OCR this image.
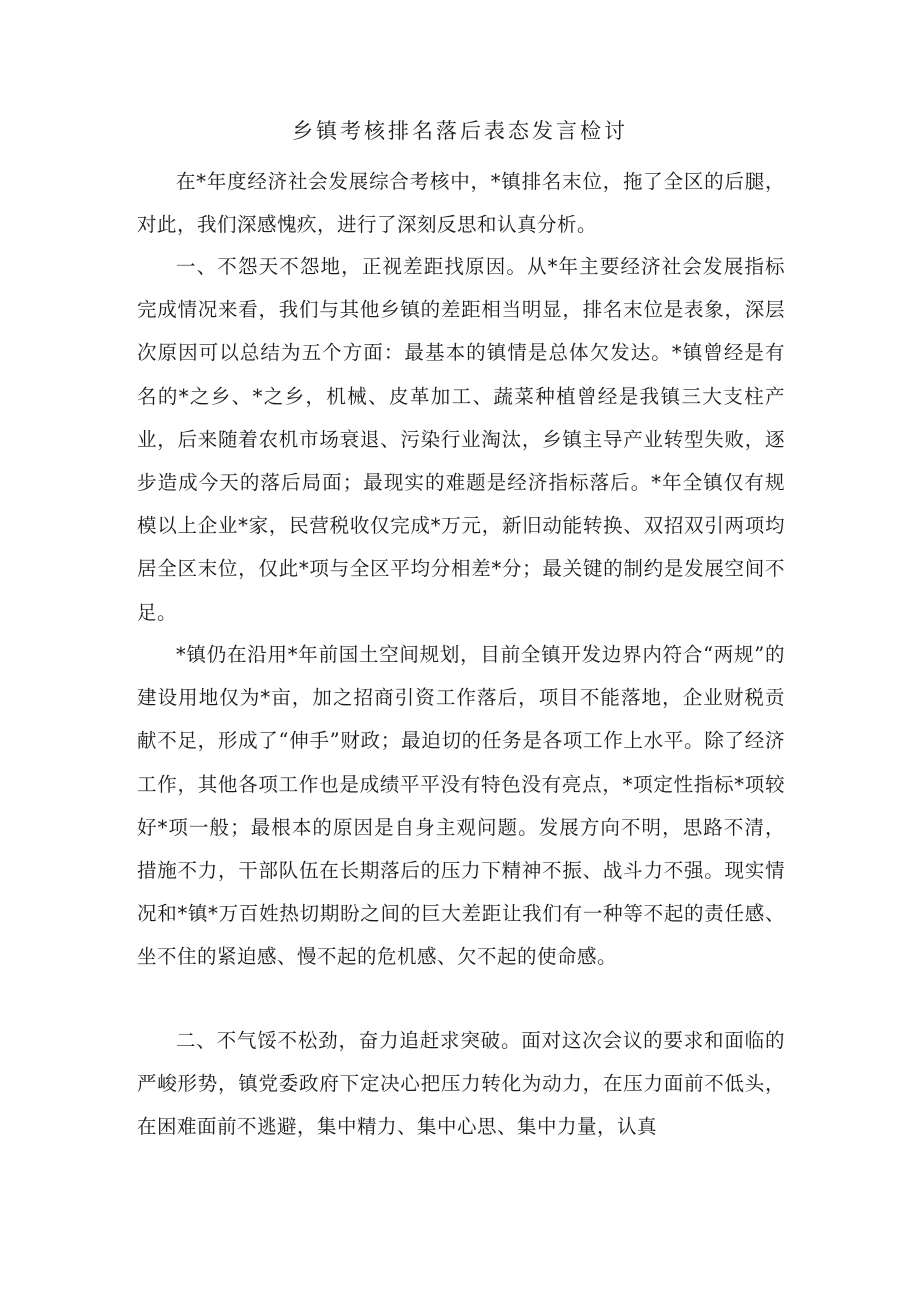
乡镇考核排名落后表态发言检讨

在*年度经济社会发展综合考核中，*镇排名末位，拖了全区的后腿，对此，我们深感愧疚，进行了深刻反思和认真分析。

一、不怨天不怨地，正视差距找原因。从*年主要经济社会发展指标完成情况来看，我们与其他乡镇的差距相当明显，排名末位是表象，深层次原因可以总结为五个方面：最基本的镇情是总体欠发达。*镇曾经是有名的*之乡、*之乡，机械、皮革加工、蔬菜种植曾经是我镇三大支柱产业，后来随着农机市场衰退、污染行业淘汰，乡镇主导产业转型失败，逐步造成今天的落后局面；最现实的难题是经济指标落后。*年全镇仅有规模以上企业*家，民营税收仅完成*万元，新旧动能转换、双招双引两项均居全区末位，仅此*项与全区平均分相差*分；最关键的制约是发展空间不足。

*镇仍在沿用*年前国土空间规划，目前全镇开发边界内符合“两规”的建设用地仅为*亩，加之招商引资工作落后，项目不能落地，企业财税贡献不足，形成了“伸手”财政；最迫切的任务是各项工作上水平。除了经济工作，其他各项工作也是成绩平平没有特色没有亮点，*项定性指标*项较好*项一般；最根本的原因是自身主观问题。发展方向不明，思路不清，措施不力，干部队伍在长期落后的压力下精神不振、战斗力不强。现实情况和*镇*万百姓热切期盼之间的巨大差距让我们有一种等不起的责任感、坐不住的紧迫感、慢不起的危机感、欠不起的使命感。

二、不气馁不松劲，奋力追赶求突破。面对这次会议的要求和面临的严峻形势，镇党委政府下定决心把压力转化为动力，在压力面前不低头，在困难面前不逃避，集中精力、集中心思、集中力量，认真
